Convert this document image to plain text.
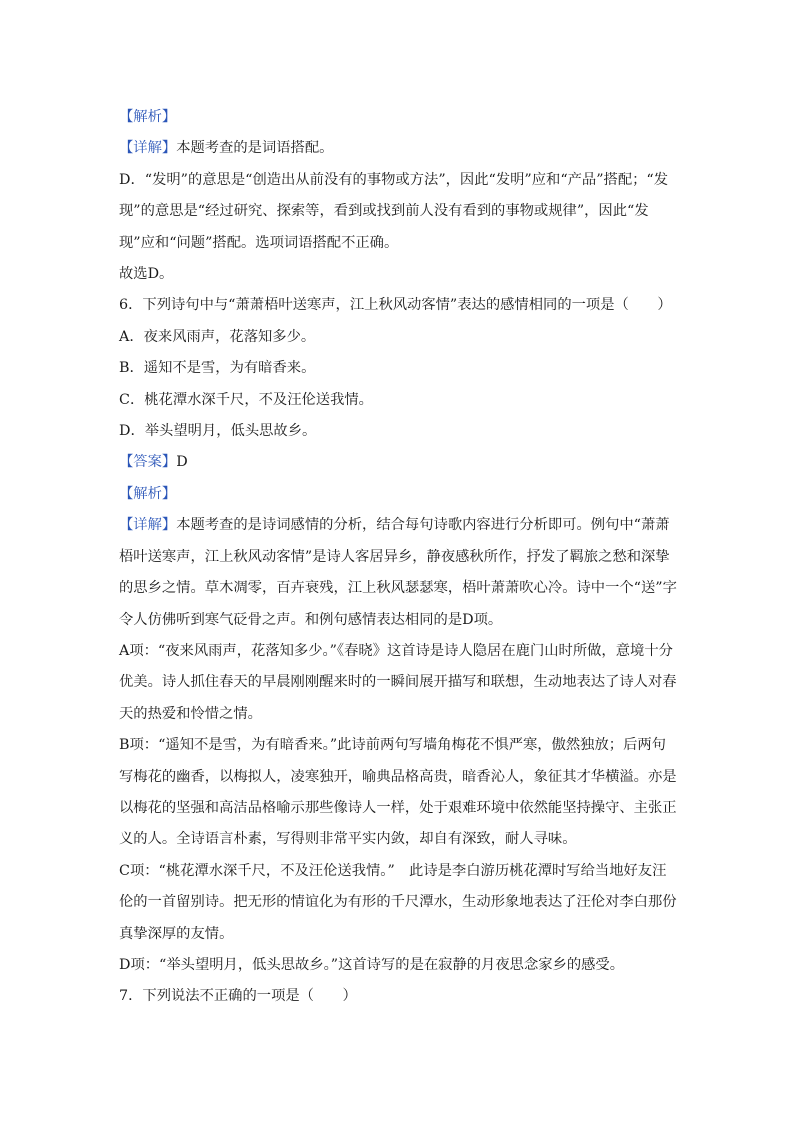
【解析】

【详解】本题考查的是词语搭配。

D．“发明”的意思是“创造出从前没有的事物或方法”，因此“发明”应和“产品”搭配；“发现”的意思是“经过研究、探索等，看到或找到前人没有看到的事物或规律”，因此“发现”应和“问题”搭配。选项词语搭配不正确。

故选D。

6．下列诗句中与“萧萧梧叶送寒声，江上秋风动客情”表达的感情相同的一项是（　　）

A．夜来风雨声，花落知多少。

B．遥知不是雪，为有暗香来。

C．桃花潭水深千尺，不及汪伦送我情。

D．举头望明月，低头思故乡。

【答案】D

【解析】

【详解】本题考查的是诗词感情的分析，结合每句诗歌内容进行分析即可。例句中“萧萧梧叶送寒声，江上秋风动客情”是诗人客居异乡，静夜感秋所作，抒发了羁旅之愁和深挚的思乡之情。草木凋零，百卉衰残，江上秋风瑟瑟寒，梧叶萧萧吹心冷。诗中一个“送”字令人仿佛听到寒气砭骨之声。和例句感情表达相同的是D项。

A项：“夜来风雨声，花落知多少。”《春晓》这首诗是诗人隐居在鹿门山时所做，意境十分优美。诗人抓住春天的早晨刚刚醒来时的一瞬间展开描写和联想，生动地表达了诗人对春天的热爱和怜惜之情。

B项：“遥知不是雪，为有暗香来。”此诗前两句写墙角梅花不惧严寒，傲然独放；后两句写梅花的幽香，以梅拟人，凌寒独开，喻典品格高贵，暗香沁人，象征其才华横溢。亦是以梅花的坚强和高洁品格喻示那些像诗人一样，处于艰难环境中依然能坚持操守、主张正义的人。全诗语言朴素，写得则非常平实内敛，却自有深致，耐人寻味。

C项：“桃花潭水深千尺，不及汪伦送我情。”　此诗是李白游历桃花潭时写给当地好友汪伦的一首留别诗。把无形的情谊化为有形的千尺潭水，生动形象地表达了汪伦对李白那份真挚深厚的友情。

D项：“举头望明月，低头思故乡。”这首诗写的是在寂静的月夜思念家乡的感受。

7．下列说法不正确的一项是（　　）
